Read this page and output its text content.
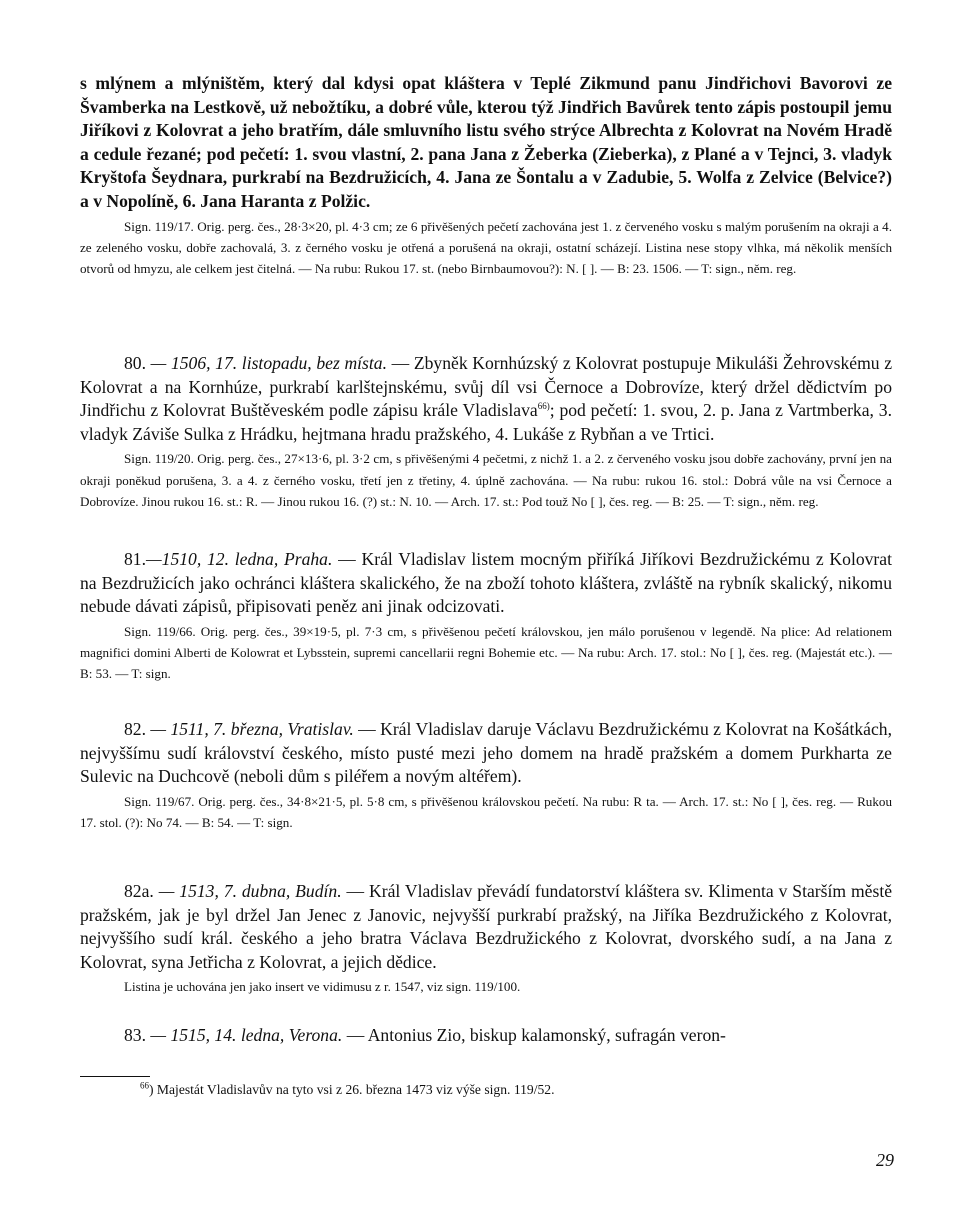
s mlýnem a mlýništěm, který dal kdysi opat kláštera v Teplé Zikmund panu Jindřichovi Bavorovi ze Švamberka na Lestkově, už nebožtíku, a dobré vůle, kterou týž Jindřich Bavůrek tento zápis postoupil jemu Jiříkovi z Kolovrat a jeho bratřím, dále smluvního listu svého strýce Albrechta z Kolovrat na Novém Hradě a cedule řezané; pod pečetí: 1. svou vlastní, 2. pana Jana z Žeberka (Zieberka), z Plané a v Tejnci, 3. vladyk Kryštofa Šeydnara, purkrabí na Bezdružicích, 4. Jana ze Šontalu a v Zadubie, 5. Wolfa z Zelvice (Belvice?) a v Nopolíně, 6. Jana Haranta z Polžic.

Sign. 119/17. Orig. perg. čes., 28·3×20, pl. 4·3 cm; ze 6 přivěšených pečetí zachována jest 1. z červeného vosku s malým porušením na okraji a 4. ze zeleného vosku, dobře zachovalá, 3. z černého vosku je otřená a porušená na okraji, ostatní scházejí. Listina nese stopy vlhka, má několik menších otvorů od hmyzu, ale celkem jest čitelná. — Na rubu: Rukou 17. st. (nebo Birnbaumovou?): N. [ ]. — B: 23. 1506. — T: sign., něm. reg.

80. — 1506, 17. listopadu, bez místa. — Zbyněk Kornhúzský z Kolovrat postupuje Mikuláši Žehrovskému z Kolovrat a na Kornhúze, purkrabí karlštejnskému, svůj díl vsi Černoce a Dobrovíze, který držel dědictvím po Jindřichu z Kolovrat Buštěveském podle zápisu krále Vladislava$^{66)}$; pod pečetí: 1. svou, 2. p. Jana z Vartmberka, 3. vladyk Záviše Sulka z Hrádku, hejtmana hradu pražského, 4. Lukáše z Rybňan a ve Trtici.

Sign. 119/20. Orig. perg. čes., 27×13·6, pl. 3·2 cm, s přivěšenými 4 pečetmi, z nichž 1. a 2. z červeného vosku jsou dobře zachovány, první jen na okraji poněkud porušena, 3. a 4. z černého vosku, třetí jen z třetiny, 4. úplně zachována. — Na rubu: rukou 16. stol.: Dobrá vůle na vsi Černoce a Dobrovíze. Jinou rukou 16. st.: R. — Jinou rukou 16. (?) st.: N. 10. — Arch. 17. st.: Pod touž No [ ], čes. reg. — B: 25. — T: sign., něm. reg.

81.—1510, 12. ledna, Praha. — Král Vladislav listem mocným přiříká Jiříkovi Bezdružickému z Kolovrat na Bezdružicích jako ochránci kláštera skalického, že na zboží tohoto kláštera, zvláště na rybník skalický, nikomu nebude dávati zápisů, připisovati peněz ani jinak odcizovati.

Sign. 119/66. Orig. perg. čes., 39×19·5, pl. 7·3 cm, s přivěšenou pečetí královskou, jen málo porušenou v legendě. Na plice: Ad relationem magnifici domini Alberti de Kolowrat et Lybsstein, supremi cancellarii regni Bohemie etc. — Na rubu: Arch. 17. stol.: No [ ], čes. reg. (Majestát etc.). — B: 53. — T: sign.

82. — 1511, 7. března, Vratislav. — Král Vladislav daruje Václavu Bezdružickému z Kolovrat na Košátkách, nejvyššímu sudí království českého, místo pusté mezi jeho domem na hradě pražském a domem Purkharta ze Sulevic na Duchcově (neboli dům s piléřem a novým altéřem).

Sign. 119/67. Orig. perg. čes., 34·8×21·5, pl. 5·8 cm, s přivěšenou královskou pečetí. Na rubu: R ta. — Arch. 17. st.: No [ ], čes. reg. — Rukou 17. stol. (?): No 74. — B: 54. — T: sign.

82a. — 1513, 7. dubna, Budín. — Král Vladislav převádí fundatorství kláštera sv. Klimenta v Starším městě pražském, jak je byl držel Jan Jenec z Janovic, nejvyšší purkrabí pražský, na Jiříka Bezdružického z Kolovrat, nejvyššího sudí král. českého a jeho bratra Václava Bezdružického z Kolovrat, dvorského sudí, a na Jana z Kolovrat, syna Jetřicha z Kolovrat, a jejich dědice.

Listina je uchována jen jako insert ve vidimusu z r. 1547, viz sign. 119/100.

83. — 1515, 14. ledna, Verona. — Antonius Zio, biskup kalamonský, sufragán veron-

$^{66}$) Majestát Vladislavův na tyto vsi z 26. března 1473 viz výše sign. 119/52.

29
